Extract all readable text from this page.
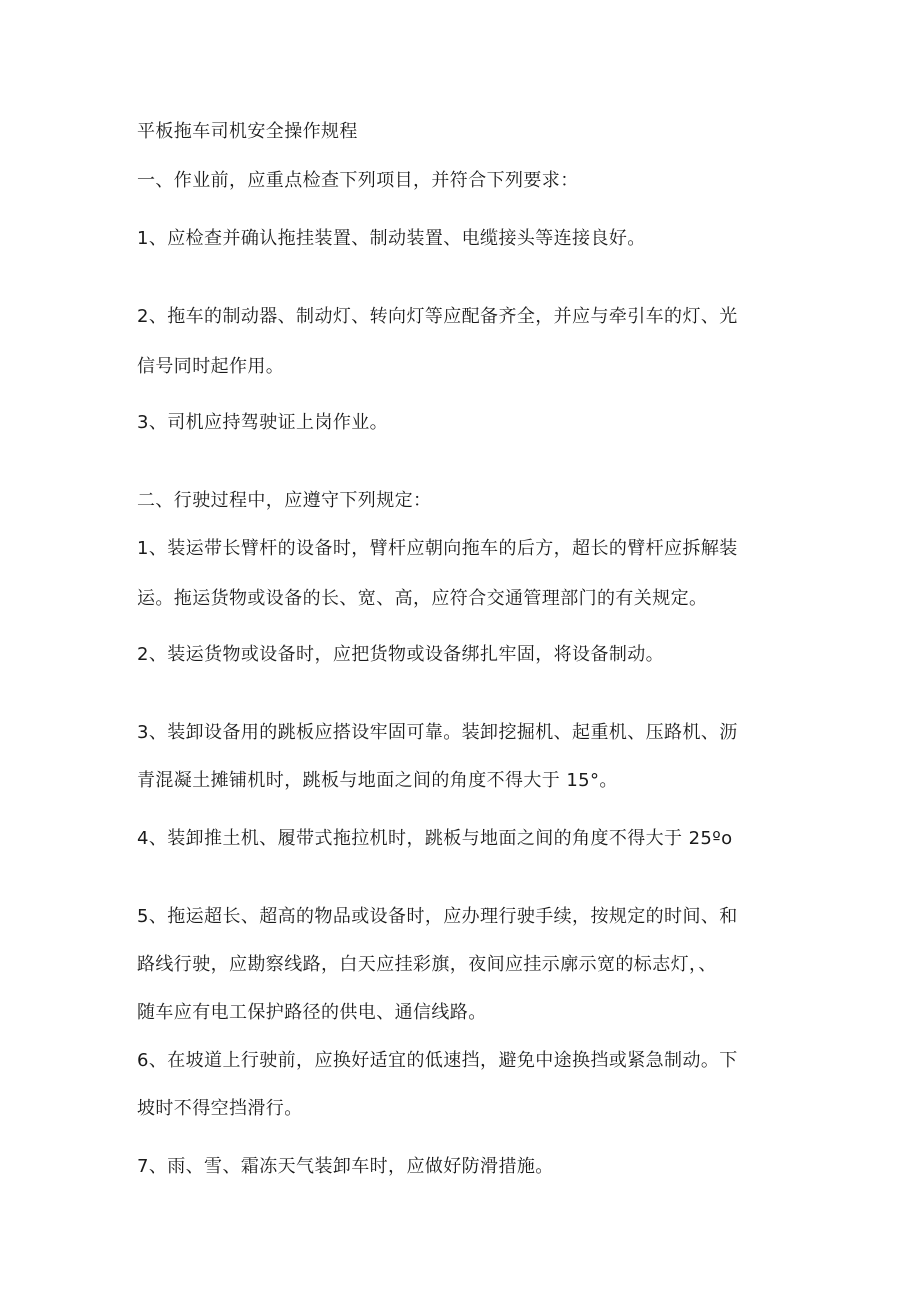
平板拖车司机安全操作规程
一、作业前，应重点检查下列项目，并符合下列要求：
1、应检查并确认拖挂装置、制动装置、电缆接头等连接良好。
2、拖车的制动器、制动灯、转向灯等应配备齐全，并应与牵引车的灯、光
信号同时起作用。
3、司机应持驾驶证上岗作业。
二、行驶过程中，应遵守下列规定：
1、装运带长臂杆的设备时，臂杆应朝向拖车的后方，超长的臂杆应拆解装
运。拖运货物或设备的长、宽、高，应符合交通管理部门的有关规定。
2、装运货物或设备时，应把货物或设备绑扎牢固，将设备制动。
3、装卸设备用的跳板应搭设牢固可靠。装卸挖掘机、起重机、压路机、沥
青混凝土摊铺机时，跳板与地面之间的角度不得大于 15°。
4、装卸推土机、履带式拖拉机时，跳板与地面之间的角度不得大于 25ºo
5、拖运超长、超高的物品或设备时，应办理行驶手续，按规定的时间、和
路线行驶，应勘察线路，白天应挂彩旗，夜间应挂示廓示宽的标志灯，、
随车应有电工保护路径的供电、通信线路。
6、在坡道上行驶前，应换好适宜的低速挡，避免中途换挡或紧急制动。下
坡时不得空挡滑行。
7、雨、雪、霜冻天气装卸车时，应做好防滑措施。
